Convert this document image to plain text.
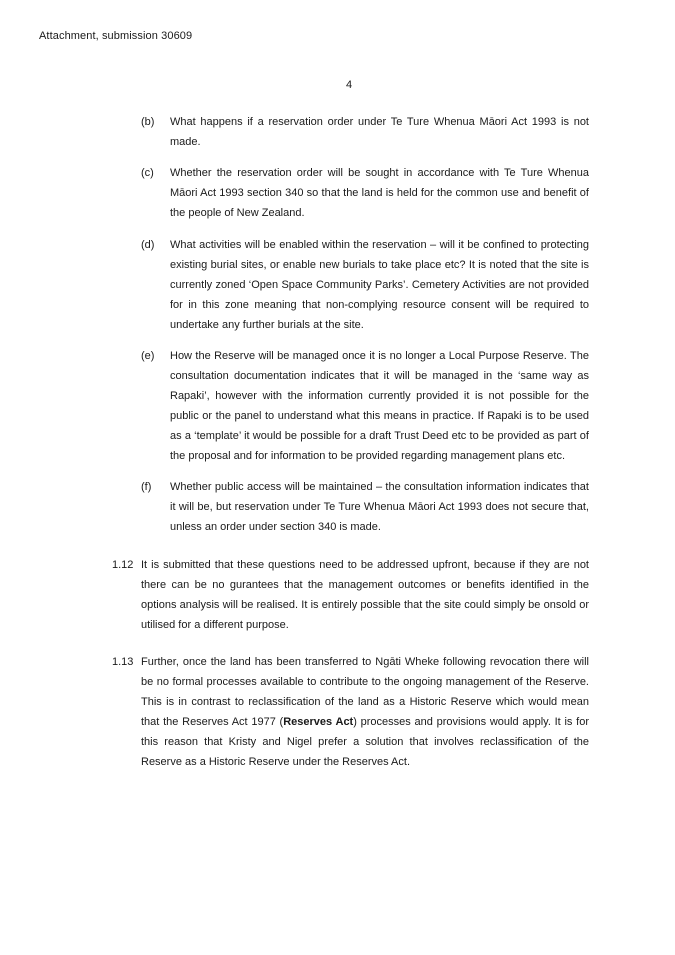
Attachment, submission 30609
4
(b) What happens if a reservation order under Te Ture Whenua Māori Act 1993 is not made.
(c) Whether the reservation order will be sought in accordance with Te Ture Whenua Māori Act 1993 section 340 so that the land is held for the common use and benefit of the people of New Zealand.
(d) What activities will be enabled within the reservation – will it be confined to protecting existing burial sites, or enable new burials to take place etc? It is noted that the site is currently zoned ‘Open Space Community Parks’. Cemetery Activities are not provided for in this zone meaning that non-complying resource consent will be required to undertake any further burials at the site.
(e) How the Reserve will be managed once it is no longer a Local Purpose Reserve. The consultation documentation indicates that it will be managed in the ‘same way as Rapaki’, however with the information currently provided it is not possible for the public or the panel to understand what this means in practice. If Rapaki is to be used as a ‘template’ it would be possible for a draft Trust Deed etc to be provided as part of the proposal and for information to be provided regarding management plans etc.
(f) Whether public access will be maintained – the consultation information indicates that it will be, but reservation under Te Ture Whenua Māori Act 1993 does not secure that, unless an order under section 340 is made.
1.12 It is submitted that these questions need to be addressed upfront, because if they are not there can be no gurantees that the management outcomes or benefits identified in the options analysis will be realised. It is entirely possible that the site could simply be onsold or utilised for a different purpose.
1.13 Further, once the land has been transferred to Ngāti Wheke following revocation there will be no formal processes available to contribute to the ongoing management of the Reserve. This is in contrast to reclassification of the land as a Historic Reserve which would mean that the Reserves Act 1977 (Reserves Act) processes and provisions would apply. It is for this reason that Kristy and Nigel prefer a solution that involves reclassification of the Reserve as a Historic Reserve under the Reserves Act.
